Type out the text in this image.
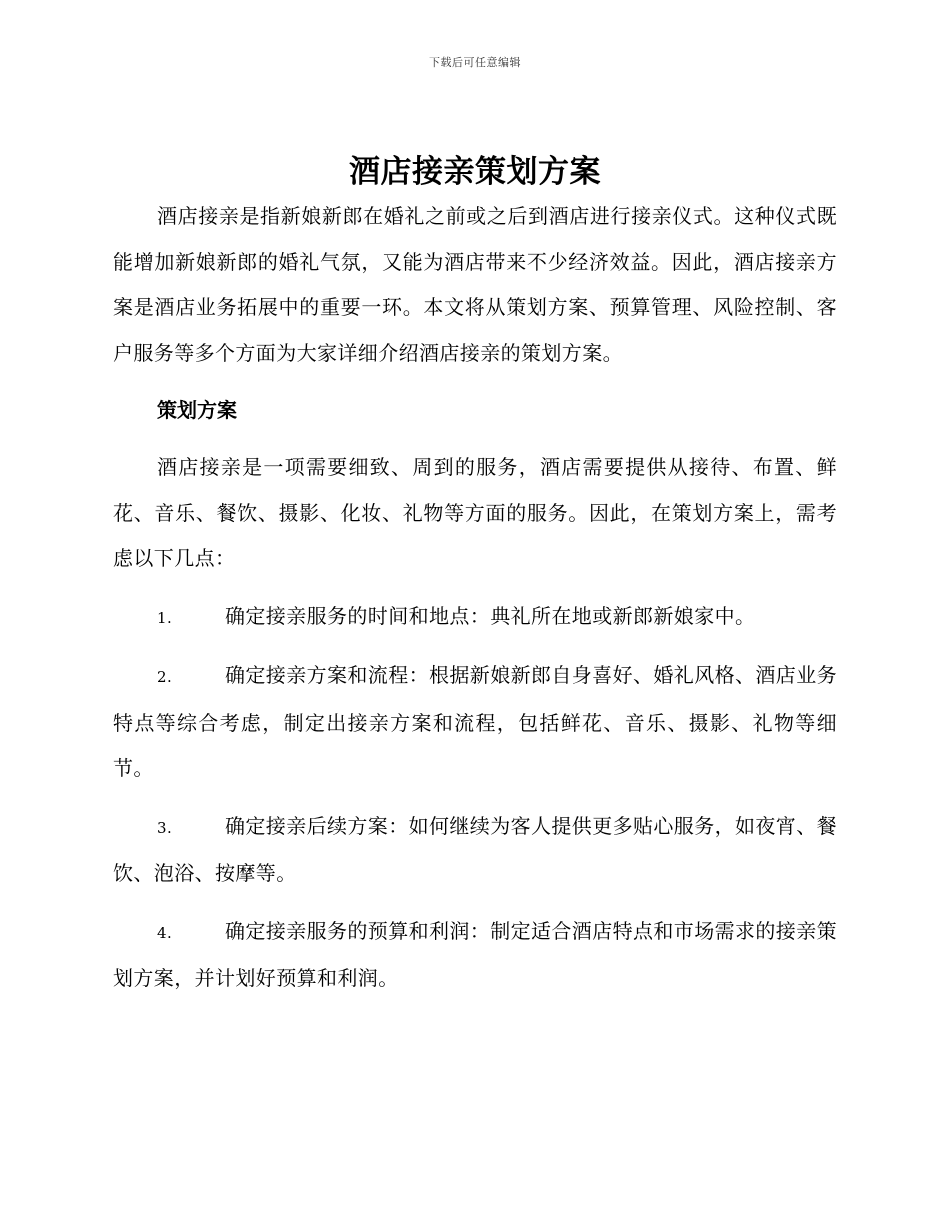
下载后可任意编辑
酒店接亲策划方案

酒店接亲是指新娘新郎在婚礼之前或之后到酒店进行接亲仪式。这种仪式既能增加新娘新郎的婚礼气氛，又能为酒店带来不少经济效益。因此，酒店接亲方案是酒店业务拓展中的重要一环。本文将从策划方案、预算管理、风险控制、客户服务等多个方面为大家详细介绍酒店接亲的策划方案。

策划方案

酒店接亲是一项需要细致、周到的服务，酒店需要提供从接待、布置、鲜花、音乐、餐饮、摄影、化妆、礼物等方面的服务。因此，在策划方案上，需考虑以下几点：

1.	确定接亲服务的时间和地点：典礼所在地或新郎新娘家中。

2.	确定接亲方案和流程：根据新娘新郎自身喜好、婚礼风格、酒店业务特点等综合考虑，制定出接亲方案和流程，包括鲜花、音乐、摄影、礼物等细节。

3.	确定接亲后续方案：如何继续为客人提供更多贴心服务，如夜宵、餐饮、泡浴、按摩等。

4.	确定接亲服务的预算和利润：制定适合酒店特点和市场需求的接亲策划方案，并计划好预算和利润。
